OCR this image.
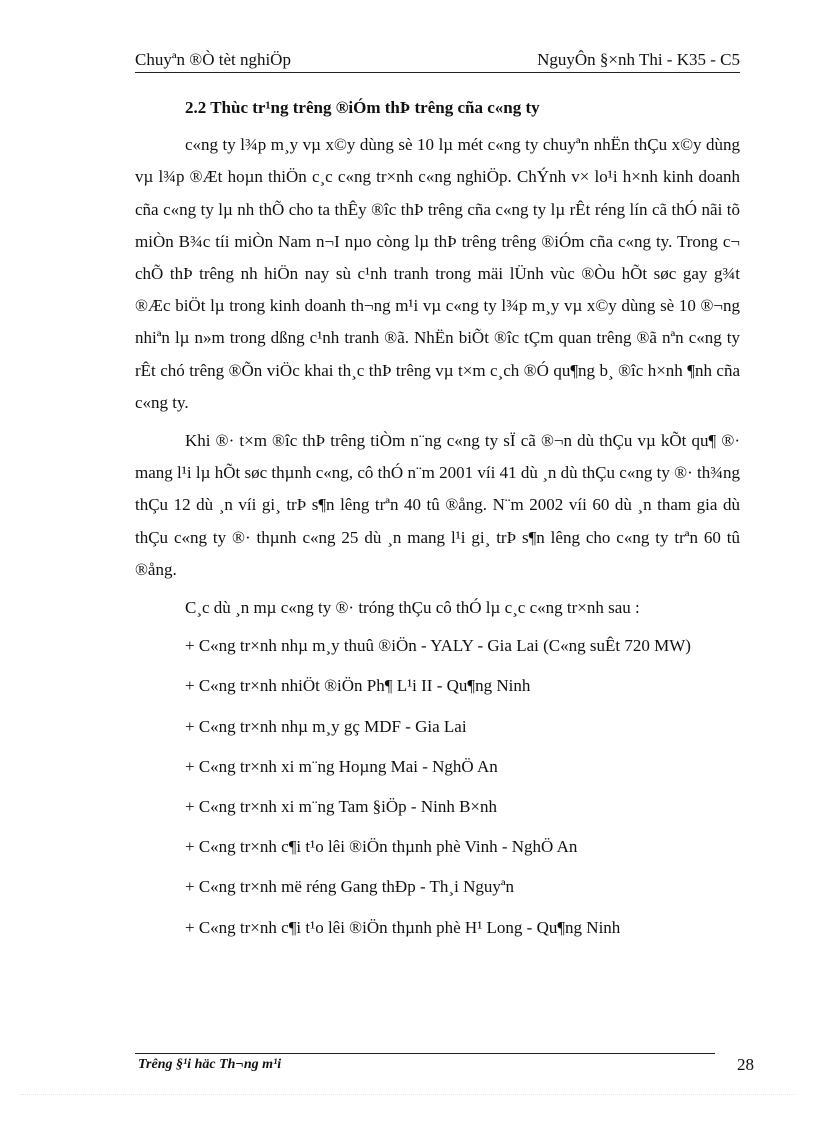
Chuyªn ®Ò tèt nghiÖp	NguyÔn §×nh Thi - K35 - C5

2.2 Thùc tr¹ng trêng ®iÓm thÞ trêng cña c«ng ty

c«ng ty l¾p m¸y vµ x©y dùng sè 10 lµ mét c«ng ty chuyªn nhËn thÇu x©y dùng vµ l¾p ®Æt hoµn thiÖn c¸c c«ng tr×nh c«ng nghiÖp. ChÝnh v× lo¹i h×nh kinh doanh cña c«ng ty lµ nh thÕ cho ta thÊy ®îc thÞ trêng cña c«ng ty lµ rÊt réng lín cã thÓ nãi tõ miÒn B¾c tíi miÒn Nam n¬I nµo còng lµ thÞ trêng trêng ®iÓm cña c«ng ty. Trong c¬ chÕ thÞ trêng nh hiÖn nay sù c¹nh tranh trong mäi lÜnh vùc ®Òu hÕt søc gay g¾t ®Æc biÖt lµ trong kinh doanh th¬ng m¹i vµ c«ng ty l¾p m¸y vµ x©y dùng sè 10 ®¬ng nhiªn lµ n»m trong dßng c¹nh tranh ®ã. NhËn biÕt ®îc tÇm quan trêng ®ã nªn c«ng ty rÊt chó trêng ®Õn viÖc khai th¸c thÞ trêng vµ t×m c¸ch ®Ó qu¶ng b¸ ®îc h×nh ¶nh cña c«ng ty.

Khi ®· t×m ®îc thÞ trêng tiÒm n¨ng c«ng ty sÏ cã ®¬n dù thÇu vµ kÕt qu¶ ®· mang l¹i lµ hÕt søc thµnh c«ng, cô thÓ n¨m 2001 víi 41 dù ¸n dù thÇu c«ng ty ®· th¾ng thÇu 12 dù ¸n víi gi¸ trÞ s¶n lêng trªn 40 tû ®ång. N¨m 2002 víi 60 dù ¸n tham gia dù thÇu c«ng ty ®· thµnh c«ng 25 dù ¸n mang l¹i gi¸ trÞ s¶n lêng cho c«ng ty trªn 60 tû ®ång.

C¸c dù ¸n mµ c«ng ty ®· tróng thÇu cô thÓ lµ c¸c c«ng tr×nh sau :

+ C«ng tr×nh nhµ m¸y thuû ®iÖn - YALY - Gia Lai (C«ng suÊt 720 MW)

+ C«ng tr×nh nhiÖt ®iÖn Ph¶ L¹i II - Qu¶ng Ninh

+ C«ng tr×nh nhµ m¸y gç MDF - Gia Lai

+ C«ng tr×nh xi m¨ng Hoµng Mai - NghÖ An

+ C«ng tr×nh xi m¨ng Tam §iÖp - Ninh B×nh

+ C«ng tr×nh c¶i t¹o lêi ®iÖn thµnh phè Vinh - NghÖ An

+ C«ng tr×nh më réng Gang thÐp - Th¸i Nguyªn

+ C«ng tr×nh c¶i t¹o lêi ®iÖn thµnh phè H¹ Long - Qu¶ng Ninh

Trêng §¹i häc Th¬ng m¹i	28
